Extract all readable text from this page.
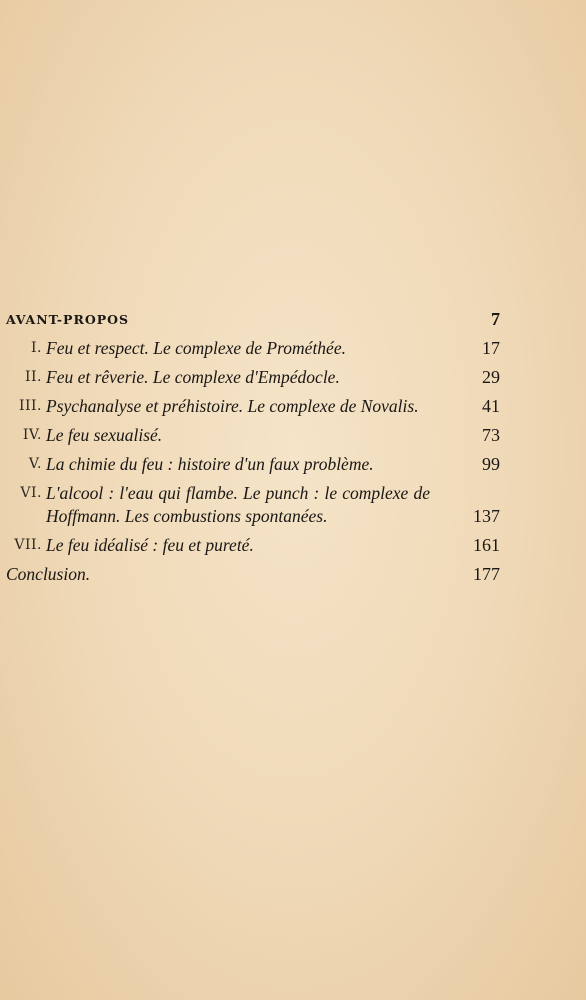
AVANT-PROPOS	7
I. Feu et respect. Le complexe de Prométhée.	17
II. Feu et rêverie. Le complexe d'Empédocle.	29
III. Psychanalyse et préhistoire. Le complexe de Novalis.	41
IV. Le feu sexualisé.	73
V. La chimie du feu : histoire d'un faux problème.	99
VI. L'alcool : l'eau qui flambe. Le punch : le complexe de Hoffmann. Les combustions spontanées.	137
VII. Le feu idéalisé : feu et pureté.	161
Conclusion.	177
